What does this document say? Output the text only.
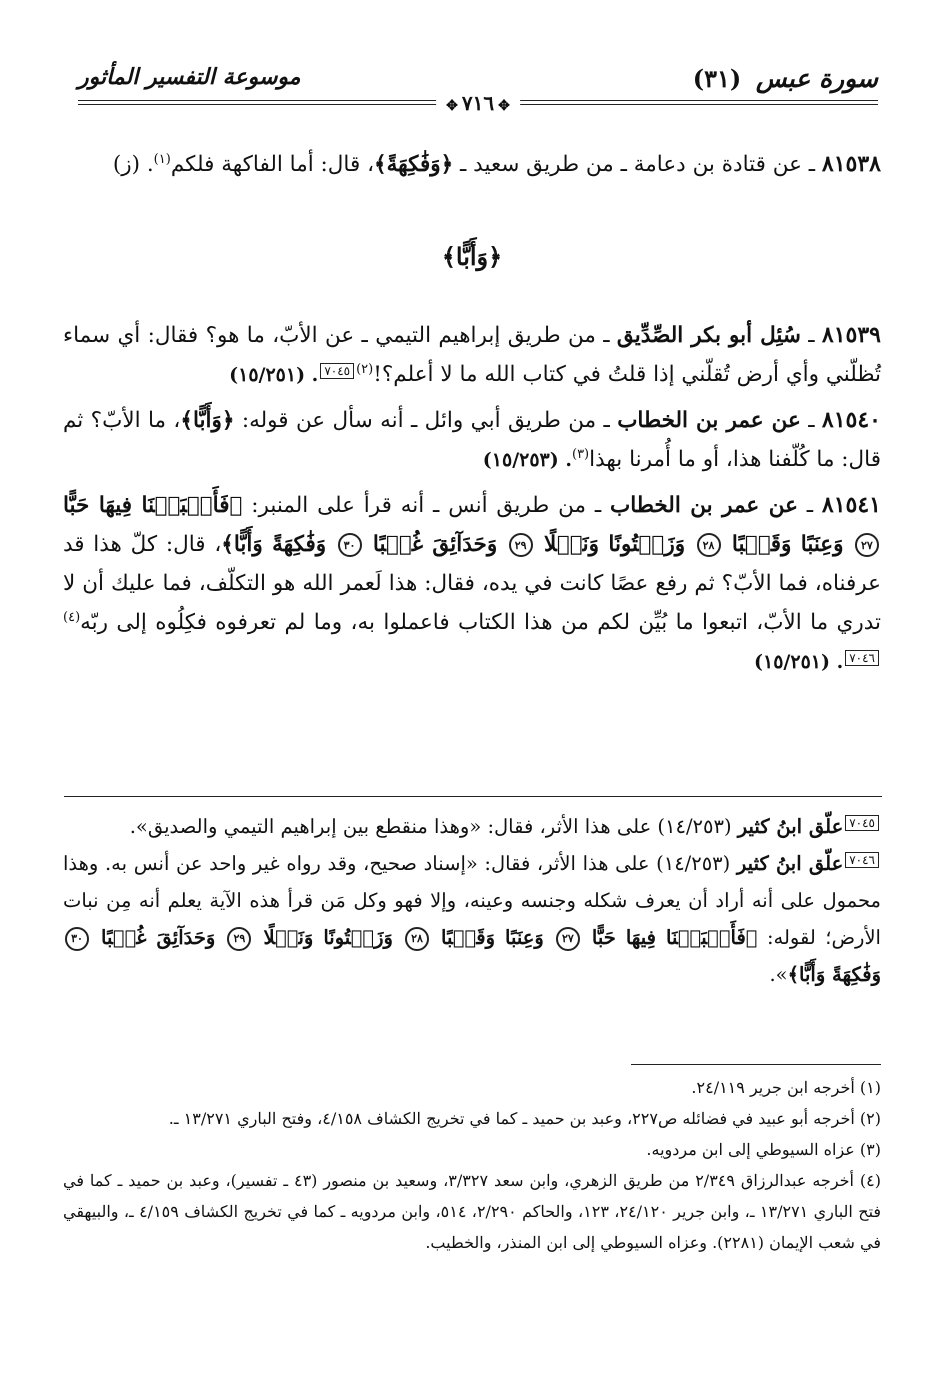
سورة عبس (٣١)
موسوعة التفسير المأثور
✥٧١٦✥

٨١٥٣٨ ـ عن قتادة بن دعامة ـ من طريق سعيد ـ ﴿وَفَٰكِهَةً﴾، قال: أما الفاكهة فلكم$^{(١)}$. (ز)

﴿وَأَبًّا﴾

٨١٥٣٩ ـ سُئِل أبو بكر الصِّدِّيق ـ من طريق إبراهيم التيمي ـ عن الأبّ، ما هو؟ فقال: أي سماء تُظلّني وأي أرض تُقلّني إذا قلتُ في كتاب الله ما لا أعلم؟!$^{(٢)}$٧٠٤٥. (١٥/٢٥١)

٨١٥٤٠ ـ عن عمر بن الخطاب ـ من طريق أبي وائل ـ أنه سأل عن قوله: ﴿وَأَبًّا﴾، ما الأبّ؟ ثم قال: ما كُلّفنا هذا، أو ما أُمرنا بهذا$^{(٣)}$. (١٥/٢٥٣)

٨١٥٤١ ـ عن عمر بن الخطاب ـ من طريق أنس ـ أنه قرأ على المنبر: ﴿فَأَنۢبَتۡنَا فِيهَا حَبًّا ٢٧ وَعِنَبًا وَقَضۡبًا ٢٨ وَزَيۡتُونًا وَنَخۡلًا ٢٩ وَحَدَآئِقَ غُلۡبًا ٣٠ وَفَٰكِهَةً وَأَبًّا﴾، قال: كلّ هذا قد عرفناه، فما الأبّ؟ ثم رفع عصًا كانت في يده، فقال: هذا لَعمر الله هو التكلّف، فما عليك أن لا تدري ما الأبّ، اتبعوا ما بُيِّن لكم من هذا الكتاب فاعملوا به، وما لم تعرفوه فكِلُوه إلى ربّه$^{(٤)}$٧٠٤٦. (١٥/٢٥١)

٧٠٤٥علّق ابنُ كثير (١٤/٢٥٣) على هذا الأثر، فقال: «وهذا منقطع بين إبراهيم التيمي والصديق».

٧٠٤٦علّق ابنُ كثير (١٤/٢٥٣) على هذا الأثر، فقال: «إسناد صحيح، وقد رواه غير واحد عن أنس به. وهذا محمول على أنه أراد أن يعرف شكله وجنسه وعينه، وإلا فهو وكل مَن قرأ هذه الآية يعلم أنه مِن نبات الأرض؛ لقوله: ﴿فَأَنۢبَتۡنَا فِيهَا حَبًّا ٢٧ وَعِنَبًا وَقَضۡبًا ٢٨ وَزَيۡتُونًا وَنَخۡلًا ٢٩ وَحَدَآئِقَ غُلۡبًا ٣٠ وَفَٰكِهَةً وَأَبًّا﴾».

(١) أخرجه ابن جرير ٢٤/١١٩.

(٢) أخرجه أبو عبيد في فضائله ص٢٢٧، وعبد بن حميد ـ كما في تخريج الكشاف ٤/١٥٨، وفتح الباري ١٣/٢٧١ ـ.

(٣) عزاه السيوطي إلى ابن مردويه.

(٤) أخرجه عبدالرزاق ٢/٣٤٩ من طريق الزهري، وابن سعد ٣/٣٢٧، وسعيد بن منصور (٤٣ ـ تفسير)، وعبد بن حميد ـ كما في فتح الباري ١٣/٢٧١ ـ، وابن جرير ٢٤/١٢٠، ١٢٣، والحاكم ٢/٢٩٠، ٥١٤، وابن مردويه ـ كما في تخريج الكشاف ٤/١٥٩ ـ، والبيهقي في شعب الإيمان (٢٢٨١). وعزاه السيوطي إلى ابن المنذر، والخطيب.
